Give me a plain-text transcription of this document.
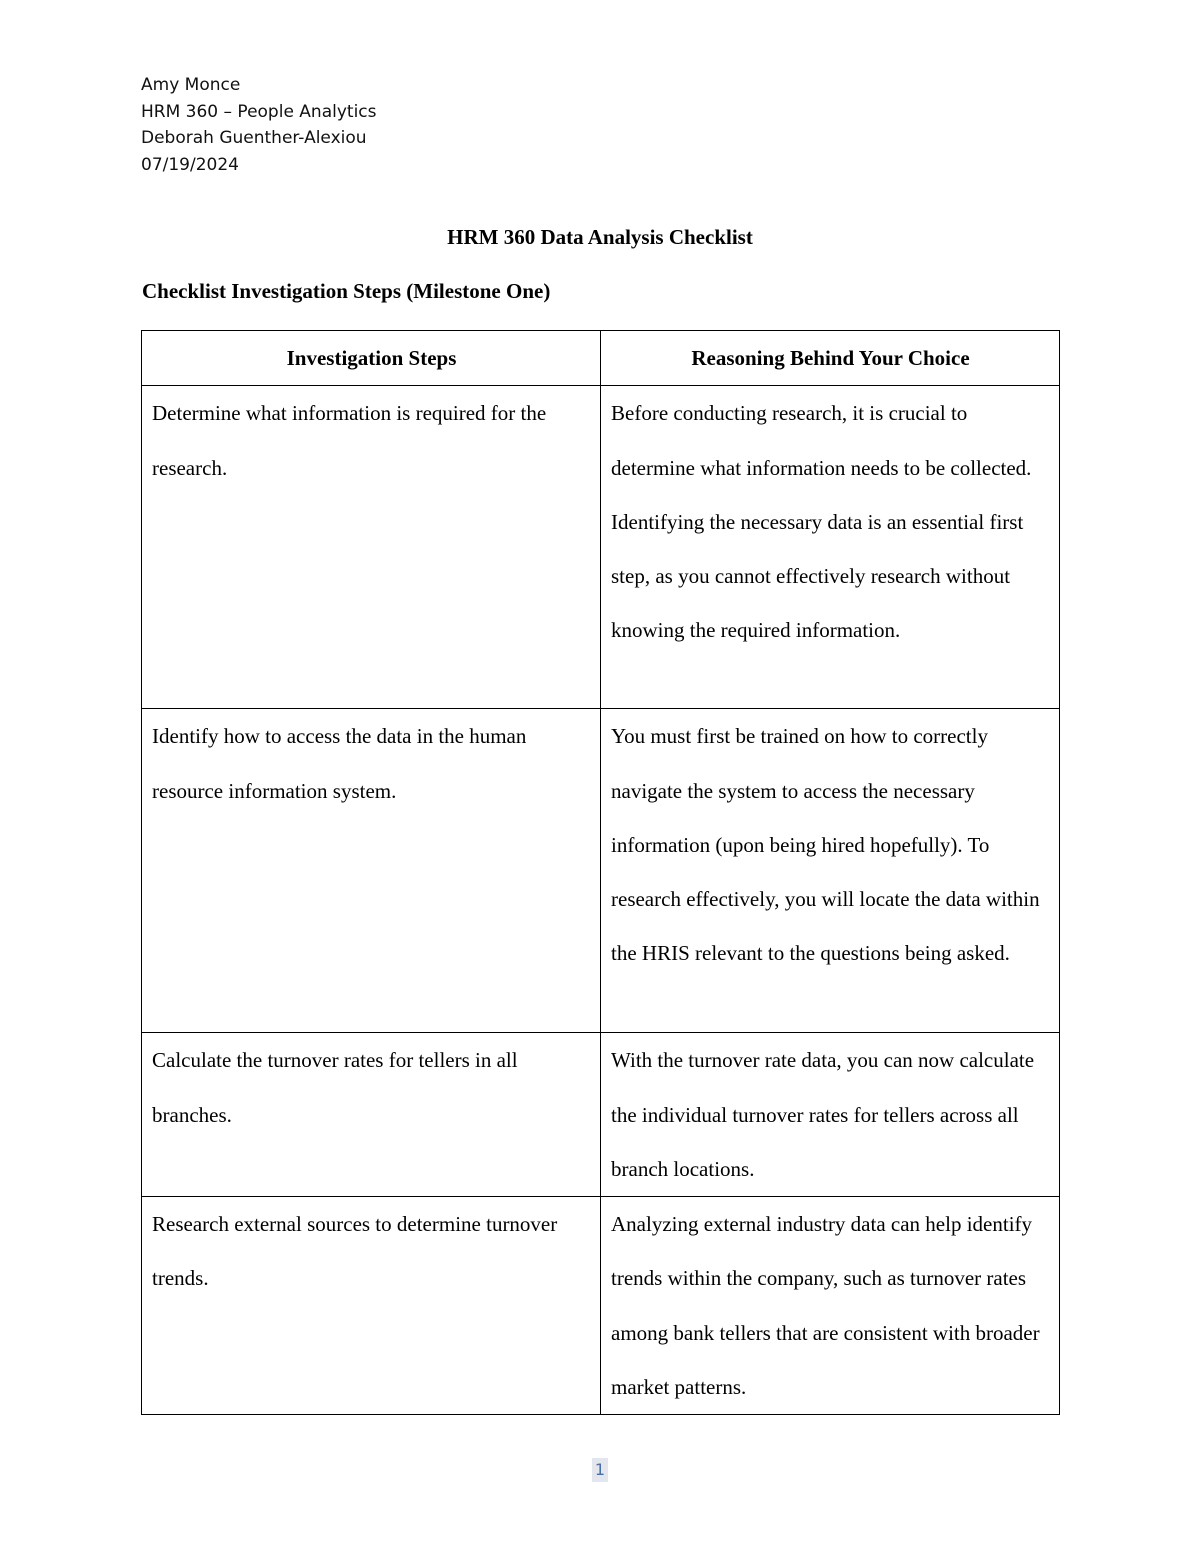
Amy Monce
HRM 360 – People Analytics
Deborah Guenther-Alexiou
07/19/2024
HRM 360 Data Analysis Checklist
Checklist Investigation Steps (Milestone One)
Investigation Steps	Reasoning Behind Your Choice
Determine what information is required for the research.	Before conducting research, it is crucial to determine what information needs to be collected. Identifying the necessary data is an essential first step, as you cannot effectively research without knowing the required information.
Identify how to access the data in the human resource information system.	You must first be trained on how to correctly navigate the system to access the necessary information (upon being hired hopefully). To research effectively, you will locate the data within the HRIS relevant to the questions being asked.
Calculate the turnover rates for tellers in all branches.	With the turnover rate data, you can now calculate the individual turnover rates for tellers across all branch locations.
Research external sources to determine turnover trends.	Analyzing external industry data can help identify trends within the company, such as turnover rates among bank tellers that are consistent with broader market patterns.
1
